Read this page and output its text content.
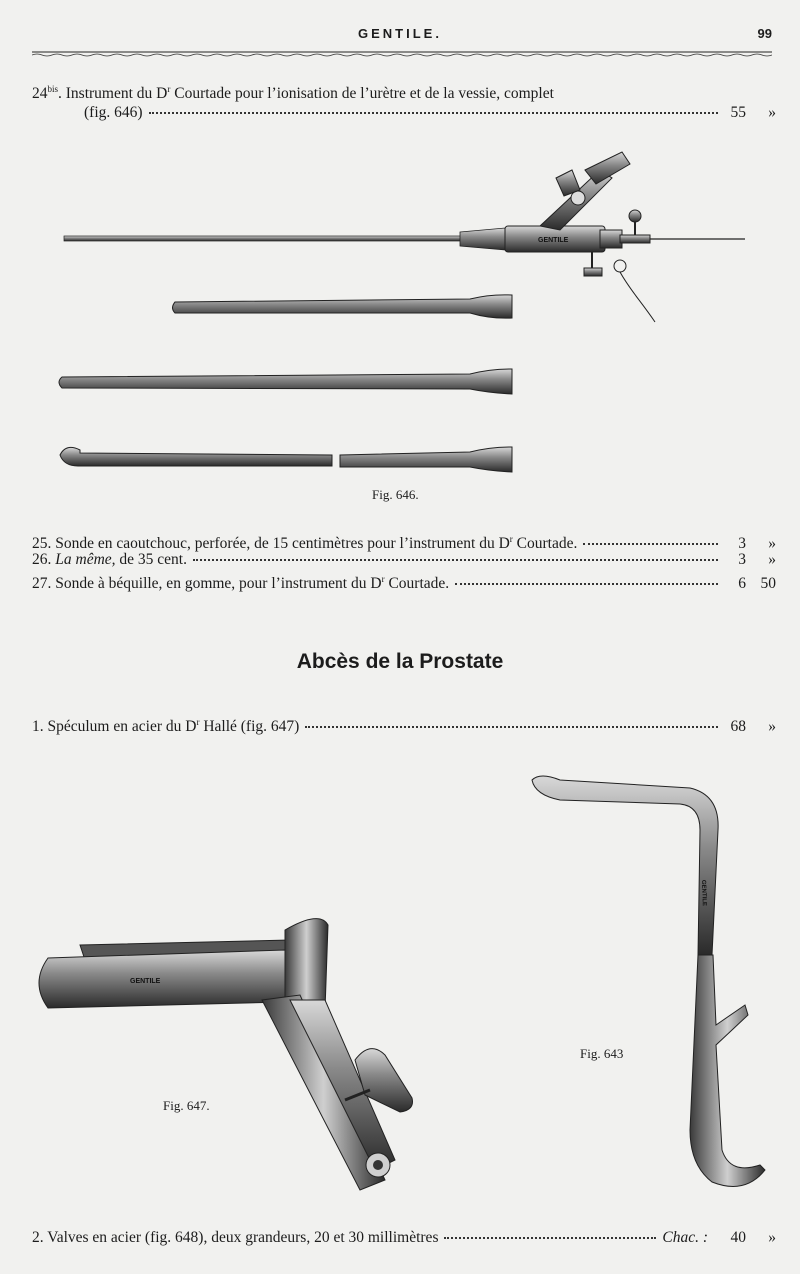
GENTILE.	99
$24^{bis}$. Instrument du $D^r$ Courtade pour l’ionisation de l’urètre et de la vessie, complet
(fig. 646)	55	»
GENTILE
Fig. 646.
25. Sonde en caoutchouc, perforée, de 15 centimètres pour l’instrument du $D^r$ Courtade.	3	»
26. La même, de 35 cent.	3	»
27. Sonde à béquille, en gomme, pour l’instrument du $D^r$ Courtade.	6 50
Abcès de la Prostate
1. Spéculum en acier du $D^r$ Hallé (fig. 647)	68	»
GENTILE
GENTILE
Fig. 647.
Fig. 643
2. Valves en acier (fig. 648), deux grandeurs, 20 et 30 millimètres	Chac. :	40	»
